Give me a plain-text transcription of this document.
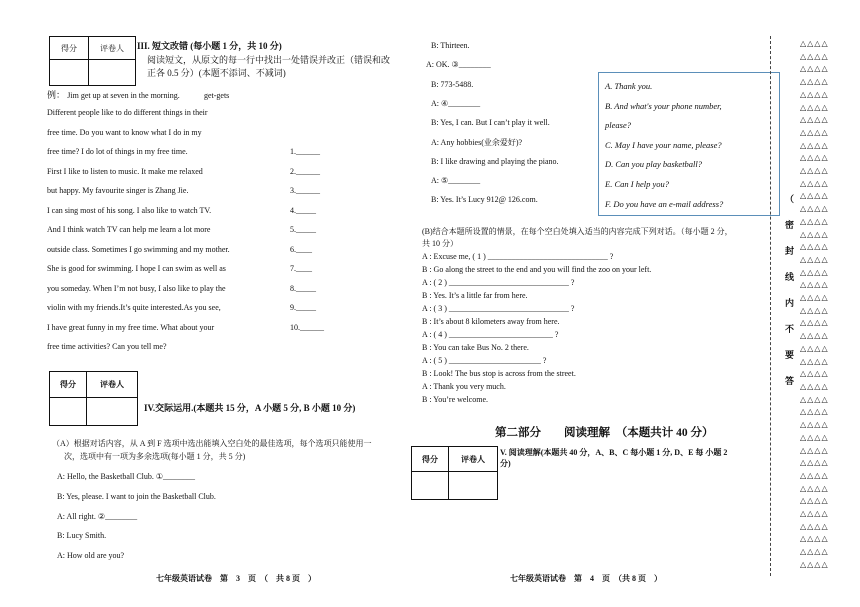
得分	评卷人
	III. 短文改错 (每小题 1 分，共 10 分)
阅读短文，从原文的每一行中找出一处错误并改正（错误和改
正各 0.5 分）(本题不添词、不减词)
例： Jim get up at seven in the morning.	get-gets
Different people like to do different things in their
free time. Do you want to know what I do in my
free time? I do lot of things in my free time.	1.______
First I like to listen to music. It make me relaxed	2.______
but happy. My favourite singer is Zhang Jie.	3.______
I can sing most of his song. I also like to watch TV.	4._____
And I think watch TV can help me learn a lot more	5._____
outside class. Sometimes I go swimming and my mother.	6.____
She is good for swimming. I hope I can swim as well as	7.____
you someday. When I’m not busy, I also like to play the	8._____
violin with my friends.It’s quite interested.As you see,	9._____
I have great funny in my free time. What about your	10.______
free time activities? Can you tell me?
得分	评卷人

IV.交际运用.(本题共 15 分，A 小题 5 分, B 小题 10 分)
（A）根据对话内容，从 A 到 F 选项中选出能填入空白处的最佳选项，每个选项只能使用一
次，选项中有一项为多余选项(每小题 1 分，共 5 分)
A: Hello, the Basketball Club. ①________
B: Yes, please. I want to join the Basketball Club.
A: All right. ②________
B: Lucy Smith.
A: How old are you?
B: Thirteen.
A: OK. ③________
B: 773-5488.
A: ④________
B: Yes, I can. But I can’t play it well.
A: Any hobbies(业余爱好)?
B: I like drawing and playing the piano.
A: ⑤________
B: Yes. It’s Lucy 912@ 126.com.
A. Thank you.
B. And what's your phone number,
please?
C. May I have your name, please?
D. Can you play basketball?
E. Can I help you?
F. Do you have an e-mail address?
(B)结合本题所设置的情景，在每个空白处填入适当的内容完成下列对话。（每小题 2 分，
共 10 分）
A : Excuse me, ( 1 ) ______________________________ ?
B : Go along the street to the end and you will find the zoo on your left.
A : ( 2 ) ______________________________ ?
B : Yes. It’s a little far from here.
A : ( 3 ) ______________________________ ?
B : It’s about 8 kilometers away from here.
A : ( 4 ) __________________________ ?
B : You can take Bus No. 2 there.
A : ( 5 ) _______________________ ?
B : Look! The bus stop is across from the street.
A : Thank you very much.
B : You’re welcome.
第二部分　　阅读理解　（本题共计 40 分）
得分	评卷人

V. 阅读理解(本题共 40 分，A、B、C 每小题 1 分, D、E 每 小题 2
分)
（
密
封
线
内
不
要
答
△△△△
△△△△
△△△△
△△△△
△△△△
△△△△
△△△△
△△△△
△△△△
△△△△
△△△△
△△△△
△△△△
△△△△
△△△△
△△△△
△△△△
△△△△
△△△△
△△△△
△△△△
△△△△
△△△△
△△△△
△△△△
△△△△
△△△△
△△△△
△△△△
△△△△
△△△△
△△△△
△△△△
△△△△
△△△△
△△△△
△△△△
△△△△
△△△△
△△△△
△△△△
△△△△

七年级英语试卷　第　3　页　（　共 8 页　）	七年级英语试卷　第　4　页　（共 8 页　）
